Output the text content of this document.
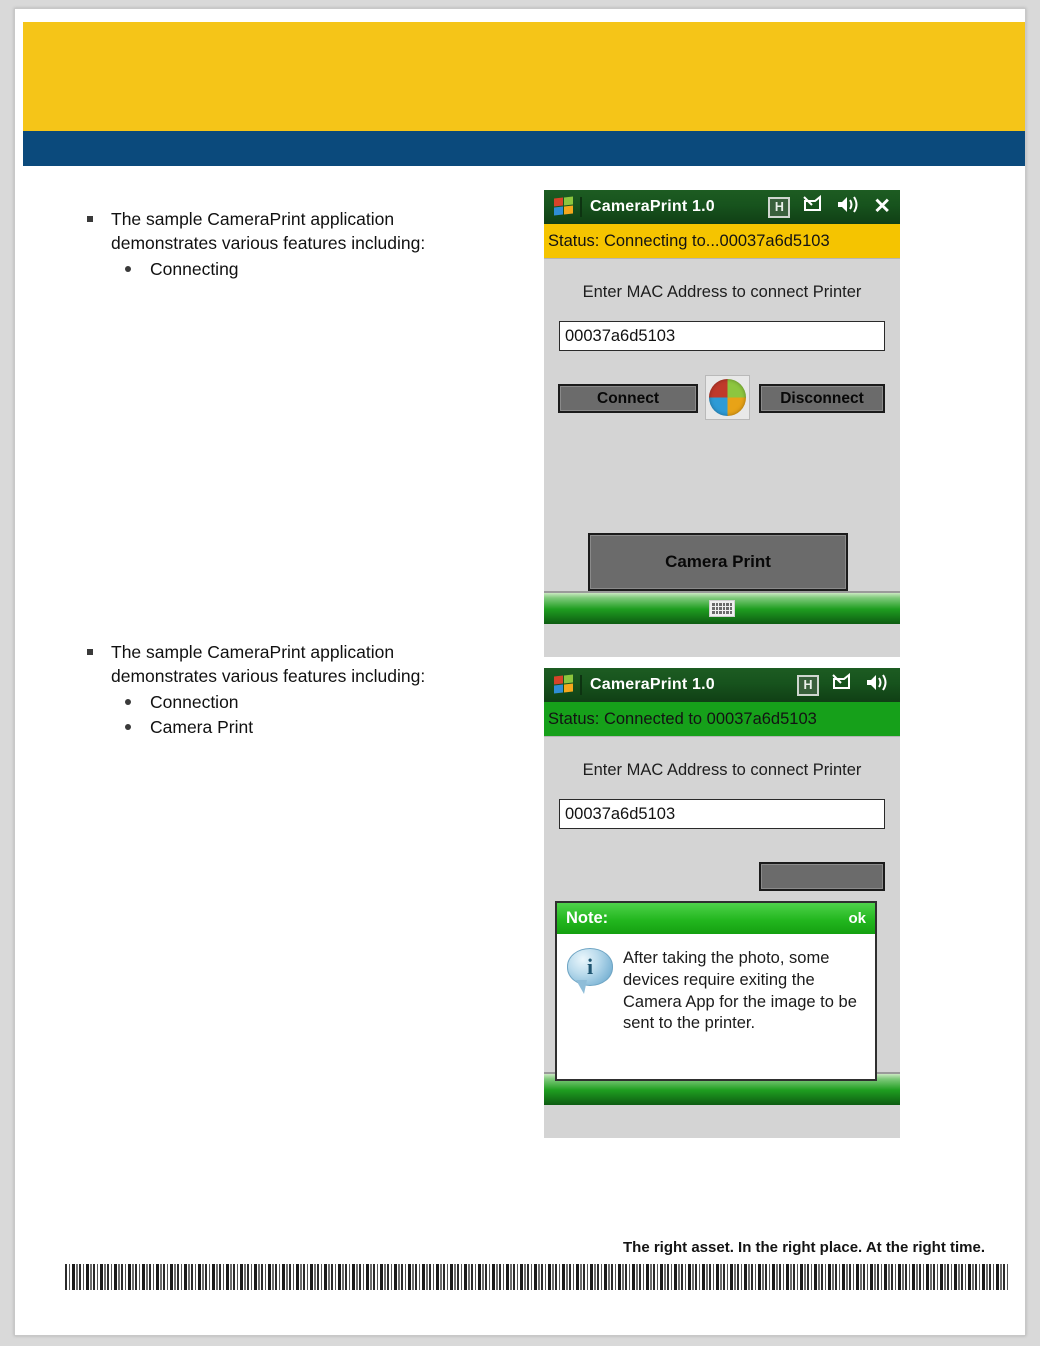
The sample CameraPrint application demonstrates various features including:
Connecting
The sample CameraPrint application demonstrates various features including:
Connection
Camera Print
CameraPrint 1.0	H	✕
Status: Connecting to...00037a6d5103
Enter MAC Address to connect Printer
00037a6d5103
Connect	Disconnect
Camera Print
CameraPrint 1.0	H
Status: Connected to 00037a6d5103
Enter MAC Address to connect Printer
00037a6d5103
Note:	ok
i	After taking the photo, some devices require exiting the Camera App for the image to be sent to the printer.
The right asset. In the right place. At the right time.
